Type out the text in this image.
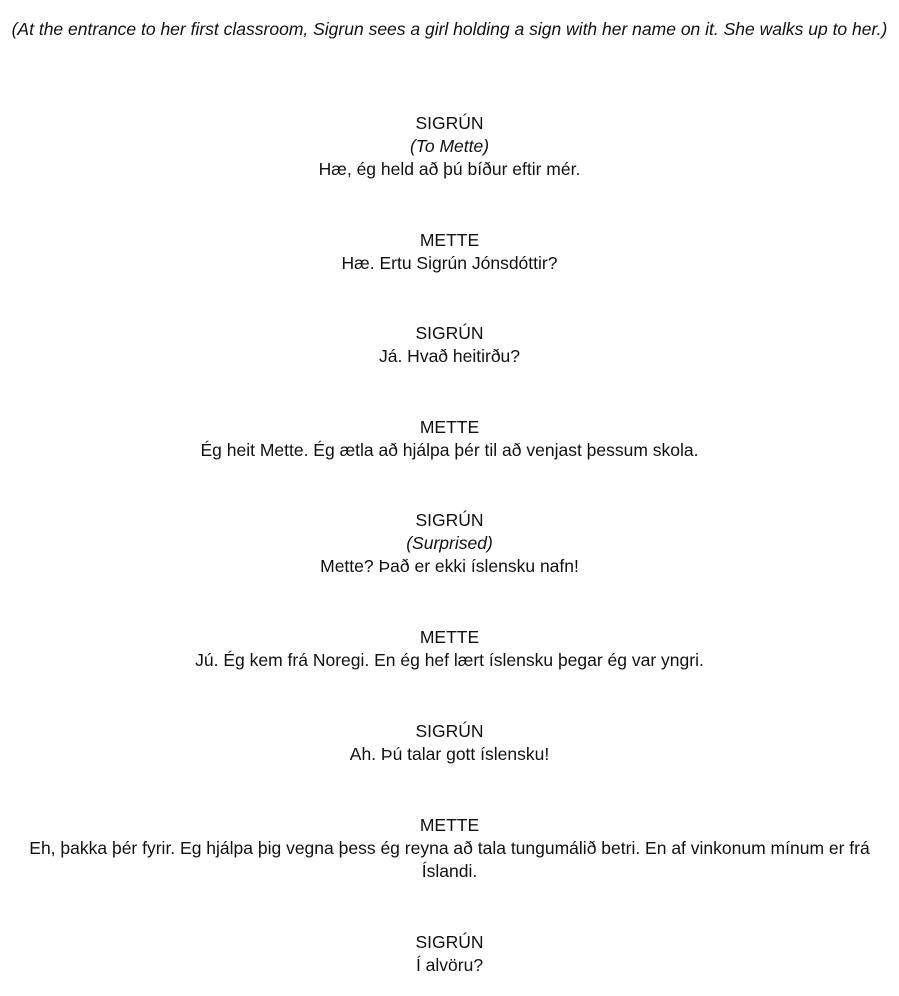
(At the entrance to her first classroom, Sigrun sees a girl holding a sign with her name on it. She walks up to her.)
SIGRÚN
(To Mette)
Hæ, ég held að þú bíður eftir mér.
METTE
Hæ. Ertu Sigrún Jónsdóttir?
SIGRÚN
Já. Hvað heitirðu?
METTE
Ég heit Mette. Ég ætla að hjálpa þér til að venjast þessum skola.
SIGRÚN
(Surprised)
Mette? Það er ekki íslensku nafn!
METTE
Jú. Ég kem frá Noregi. En ég hef lært íslensku þegar ég var yngri.
SIGRÚN
Ah. Þú talar gott íslensku!
METTE
Eh, þakka þér fyrir. Eg hjálpa þig vegna þess ég reyna að tala tungumálið betri. En af vinkonum mínum er frá Íslandi.
SIGRÚN
Í alvöru?
